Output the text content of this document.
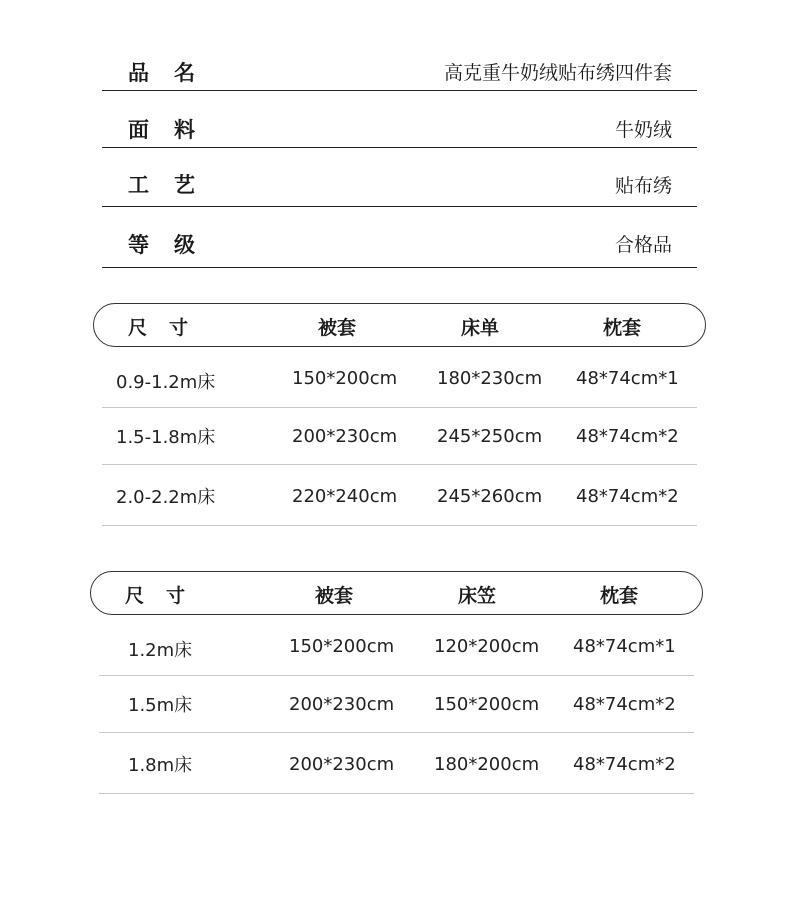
品名	高克重牛奶绒贴布绣四件套
面料	牛奶绒
工艺	贴布绣
等级	合格品
尺寸	被套	床单	枕套
0.9-1.2m床	150*200cm 180*230cm 48*74cm*1
1.5-1.8m床	200*230cm 245*250cm 48*74cm*2
2.0-2.2m床	220*240cm 245*260cm 48*74cm*2
尺寸	被套	床笠	枕套
1.2m床	150*200cm 120*200cm 48*74cm*1
1.5m床	200*230cm 150*200cm 48*74cm*2
1.8m床	200*230cm 180*200cm 48*74cm*2
